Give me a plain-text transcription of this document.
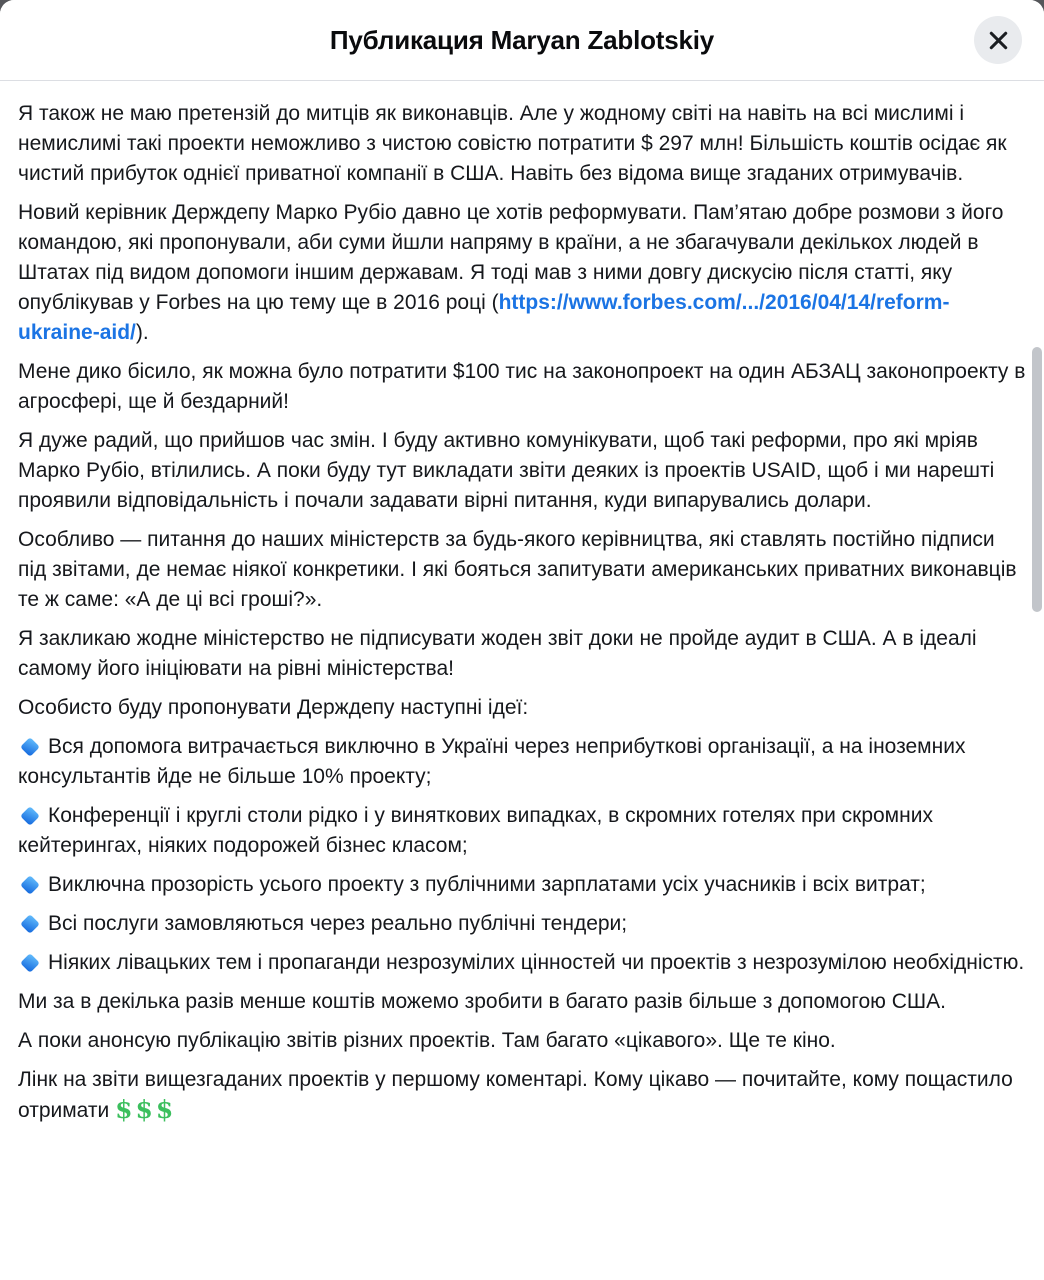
Публикация Maryan Zablotskiy

Я також не маю претензій до митців як виконавців. Але у жодному світі на навіть на всі мислимі і немислимі такі проекти неможливо з чистою совістю потратити $ 297 млн! Більшість коштів осідає як чистий прибуток однієї приватної компанії в США. Навіть без відома вище згаданих отримувачів.

Новий керівник Держдепу Марко Рубіо давно це хотів реформувати. Пам’ятаю добре розмови з його командою, які пропонували, аби суми йшли напряму в країни, а не збагачували декількох людей в Штатах під видом допомоги іншим державам. Я тоді мав з ними довгу дискусію після статті, яку опублікував у Forbes на цю тему ще в 2016 році (https://www.forbes.com/.../2016/04/14/reform-ukraine-aid/).

Мене дико бісило, як можна було потратити $100 тис на законопроект на один АБЗАЦ законопроекту в агросфері, ще й бездарний!

Я дуже радий, що прийшов час змін. І буду активно комунікувати, щоб такі реформи, про які мріяв Марко Рубіо, втілились. А поки буду тут викладати звіти деяких із проектів USAID, щоб і ми нарешті проявили відповідальність і почали задавати вірні питання, куди випарувались долари.

Особливо — питання до наших міністерств за будь-якого керівництва, які ставлять постійно підписи під звітами, де немає ніякої конкретики. І які бояться запитувати американських приватних виконавців те ж саме: «А де ці всі гроші?».

Я закликаю жодне міністерство не підписувати жоден звіт доки не пройде аудит в США. А в ідеалі самому його ініціювати на рівні міністерства!

Особисто буду пропонувати Держдепу наступні ідеї:

Вся допомога витрачається виключно в Україні через неприбуткові організації, а на іноземних консультантів йде не більше 10% проекту;

Конференції і круглі столи рідко і у виняткових випадках, в скромних готелях при скромних кейтерингах, ніяких подорожей бізнес класом;

Виключна прозорість усього проекту з публічними зарплатами усіх учасників і всіх витрат;

Всі послуги замовляються через реально публічні тендери;

Ніяких лівацьких тем і пропаганди незрозумілих цінностей чи проектів з незрозумілою необхідністю.

Ми за в декілька разів менше коштів можемо зробити в багато разів більше з допомогою США.

А поки анонсую публікацію звітів різних проектів. Там багато «цікавого». Ще те кіно.

Лінк на звіти вищезгаданих проектів у першому коментарі. Кому цікаво — почитайте, кому пощастило отримати $$$
